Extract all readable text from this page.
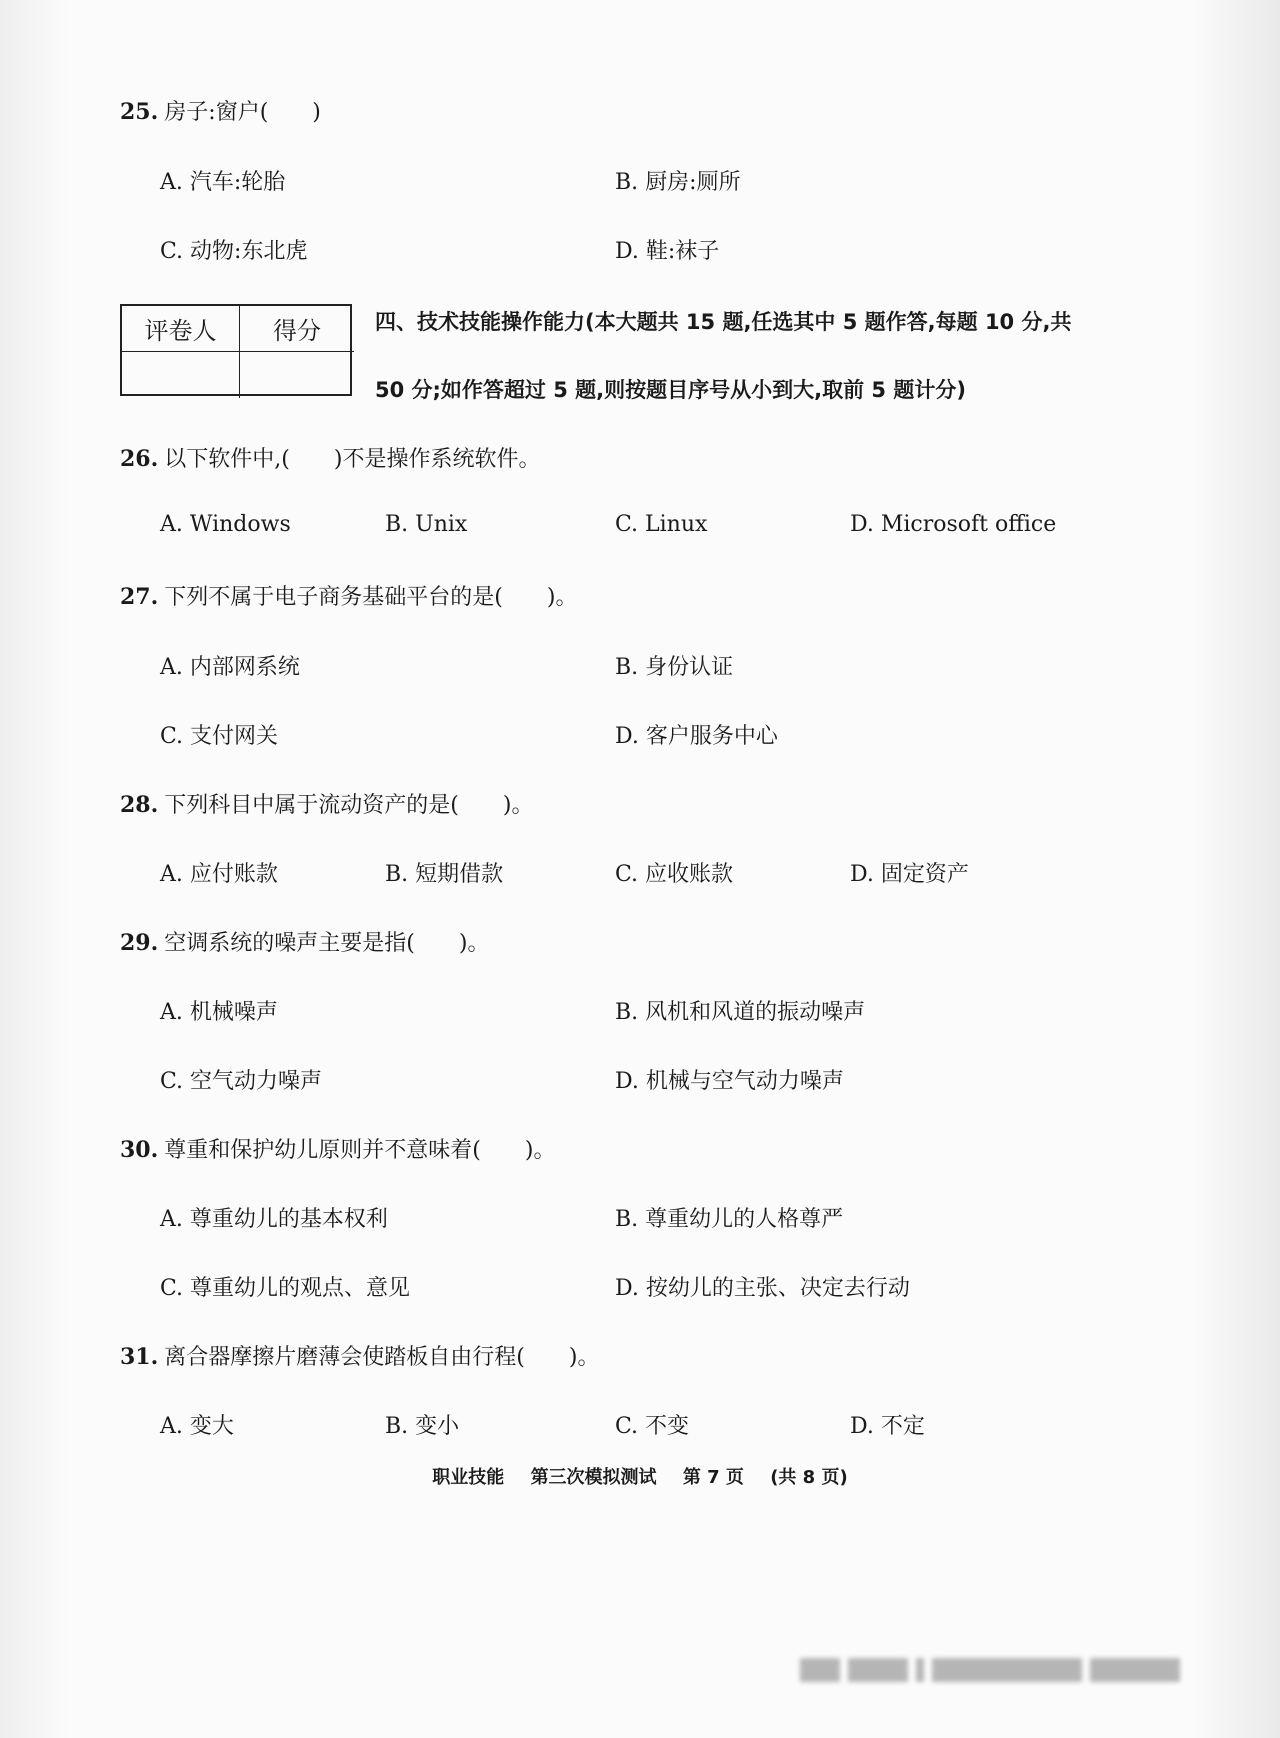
25. 房子:窗户(　　)
A. 汽车:轮胎	B. 厨房:厕所
C. 动物:东北虎	D. 鞋:袜子
评卷人	得分	四、技术技能操作能力(本大题共 15 题,任选其中 5 题作答,每题 10 分,共
50 分;如作答超过 5 题,则按题目序号从小到大,取前 5 题计分)
26. 以下软件中,(　　)不是操作系统软件。
A. Windows	B. Unix	C. Linux	D. Microsoft office
27. 下列不属于电子商务基础平台的是(　　)。
A. 内部网系统	B. 身份认证
C. 支付网关	D. 客户服务中心
28. 下列科目中属于流动资产的是(　　)。
A. 应付账款	B. 短期借款	C. 应收账款	D. 固定资产
29. 空调系统的噪声主要是指(　　)。
A. 机械噪声	B. 风机和风道的振动噪声
C. 空气动力噪声	D. 机械与空气动力噪声
30. 尊重和保护幼儿原则并不意味着(　　)。
A. 尊重幼儿的基本权利	B. 尊重幼儿的人格尊严
C. 尊重幼儿的观点、意见	D. 按幼儿的主张、决定去行动
31. 离合器摩擦片磨薄会使踏板自由行程(　　)。
A. 变大	B. 变小	C. 不变	D. 不定
职业技能 第三次模拟测试 第 7 页 (共 8 页)
